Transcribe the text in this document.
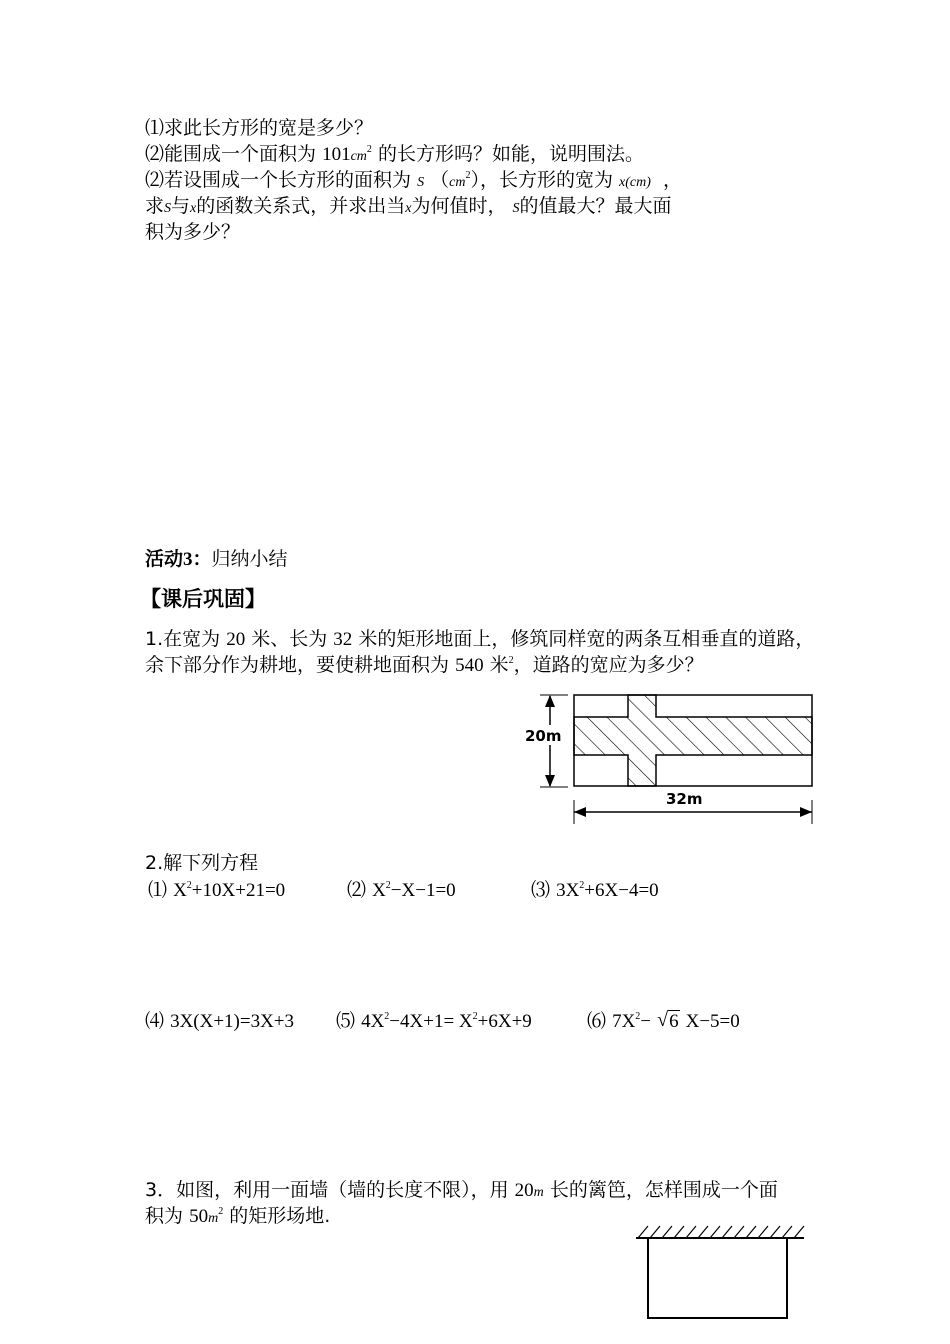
⑴求此长方形的宽是多少？
⑵能围成一个面积为 $101cm^2$ 的长方形吗？如能，说明围法。
⑵若设围成一个长方形的面积为 S $(cm^2)$，长方形的宽为 x(cm) ，
求S与x的函数关系式，并求出当x为何值时， S的值最大？最大面
积为多少？
活动3：归纳小结
【课后巩固】
1.在宽为 20 米、长为 32 米的矩形地面上，修筑同样宽的两条互相垂直的道路，
余下部分作为耕地，要使耕地面积为 540 米$^2$，道路的宽应为多少？
20m
32m
2.解下列方程
⑴ $X^2+10X+21=0$	⑵ $X^2-X-1=0$	⑶ $3X^2+6X-4=0$
⑷ 3X(X+1)=3X+3 ⑸ $4X^2-4X+1= X^2+6X+9$	⑹ $7X^2-$ √ 6 X−5=0
3．如图，利用一面墙（墙的长度不限），用 20m 长的篱笆，怎样围成一个面
积为 $50m^2$ 的矩形场地.
